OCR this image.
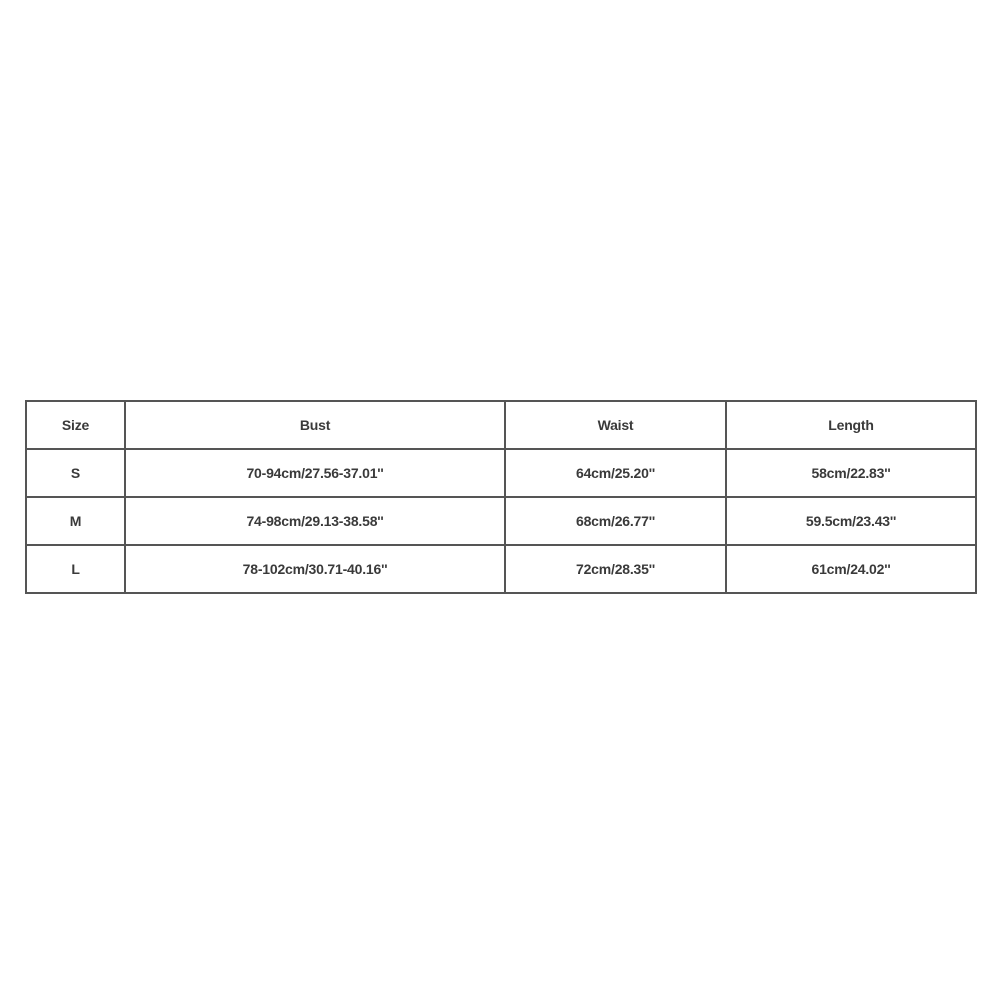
Size	Bust	Waist	Length
S	70-94cm/27.56-37.01''	64cm/25.20''	58cm/22.83''
M	74-98cm/29.13-38.58''	68cm/26.77''	59.5cm/23.43''
L	78-102cm/30.71-40.16''	72cm/28.35''	61cm/24.02''
